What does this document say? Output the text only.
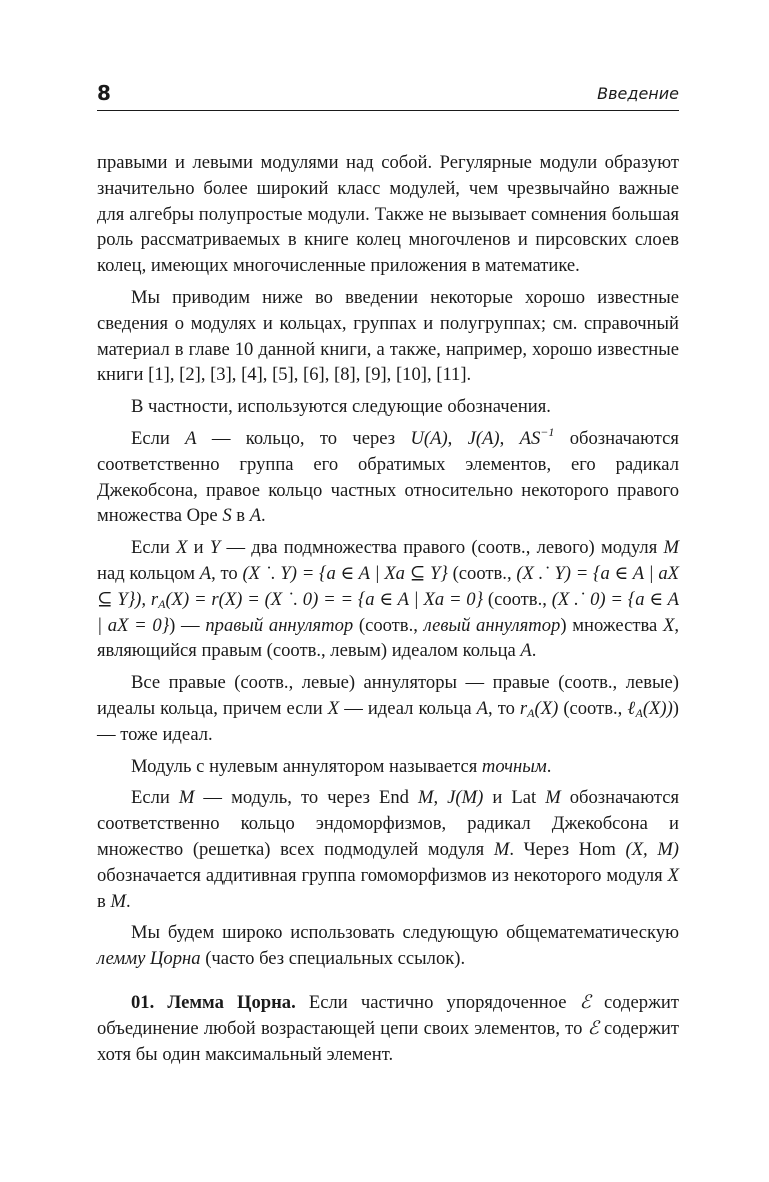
8	Введение

правыми и левыми модулями над собой. Регулярные модули образуют значительно более широкий класс модулей, чем чрезвычайно важные для алгебры полупростые модули. Также не вызывает сомнения большая роль рассматриваемых в книге колец многочленов и пирсовских слоев колец, имеющих многочисленные приложения в математике.

Мы приводим ниже во введении некоторые хорошо известные сведения о модулях и кольцах, группах и полугруппах; см. справочный материал в главе 10 данной книги, а также, например, хорошо известные книги [1], [2], [3], [4], [5], [6], [8], [9], [10], [11].

В частности, используются следующие обозначения.

Если A — кольцо, то через U(A), J(A), $AS^{-1}$ обозначаются соответственно группа его обратимых элементов, его радикал Джекобсона, правое кольцо частных относительно некоторого правого множества Оре S в A.

Если X и Y — два подмножества правого (соотв., левого) модуля M над кольцом A, то (X ˙. Y) = {a ∈ A | Xa ⊆ Y} (соотв., (X .˙ Y) = {a ∈ A | aX ⊆ Y}), $r_A(X) = r(X) = (X$ ˙. 0) = = {a ∈ A | Xa = 0} (соотв., (X .˙ 0) = {a ∈ A | aX = 0}) — правый аннулятор (соотв., левый аннулятор) множества X, являющийся правым (соотв., левым) идеалом кольца A.

Все правые (соотв., левые) аннуляторы — правые (соотв., левые) идеалы кольца, причем если X — идеал кольца A, то $r_A(X)$ (соотв., ℓ$_A$(X))) — тоже идеал.

Модуль с нулевым аннулятором называется точным.

Если M — модуль, то через End M, J(M) и Lat M обозначаются соответственно кольцо эндоморфизмов, радикал Джекобсона и множество (решетка) всех подмодулей модуля M. Через Hom (X, M) обозначается аддитивная группа гомоморфизмов из некоторого модуля X в M.

Мы будем широко использовать следующую общематематическую лемму Цорна (часто без специальных ссылок).

01. Лемма Цорна. Если частично упорядоченное ℰ содержит объединение любой возрастающей цепи своих элементов, то ℰ содержит хотя бы один максимальный элемент.
